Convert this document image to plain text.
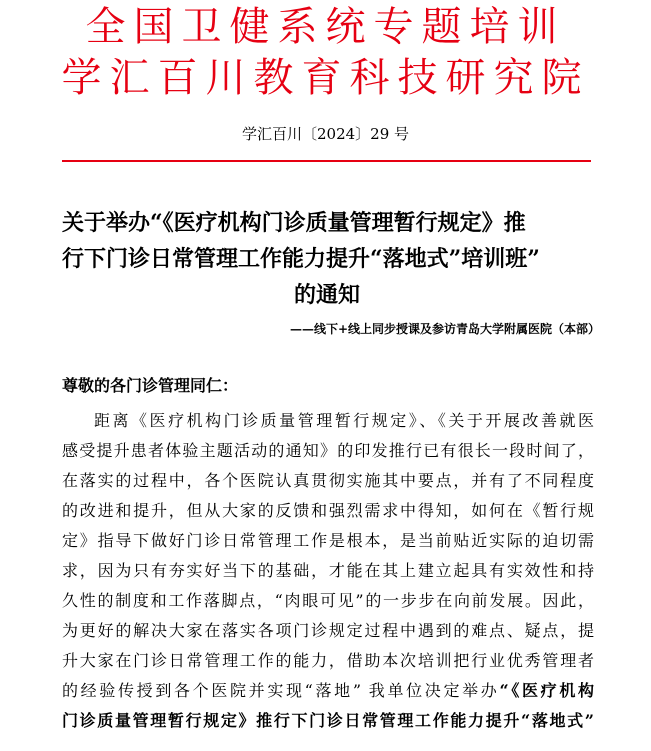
全国卫健系统专题培训
学汇百川教育科技研究院
学汇百川〔2024〕29 号
关于举办“《医疗机构门诊质量管理暂行规定》推
行下门诊日常管理工作能力提升“落地式”培训班”
的通知
——线下+线上同步授课及参访青岛大学附属医院（本部）
尊敬的各门诊管理同仁：
距离《医疗机构门诊质量管理暂行规定》、《关于开展改善就医
感受提升患者体验主题活动的通知》的印发推行已有很长一段时间了，
在落实的过程中，各个医院认真贯彻实施其中要点，并有了不同程度
的改进和提升，但从大家的反馈和强烈需求中得知，如何在《暂行规
定》指导下做好门诊日常管理工作是根本，是当前贴近实际的迫切需
求，因为只有夯实好当下的基础，才能在其上建立起具有实效性和持
久性的制度和工作落脚点，“肉眼可见”的一步步在向前发展。因此，
为更好的解决大家在落实各项门诊规定过程中遇到的难点、疑点，提
升大家在门诊日常管理工作的能力，借助本次培训把行业优秀管理者
的经验传授到各个医院并实现“落地” 我单位决定举办“《医疗机构
门诊质量管理暂行规定》推行下门诊日常管理工作能力提升“落地式”
